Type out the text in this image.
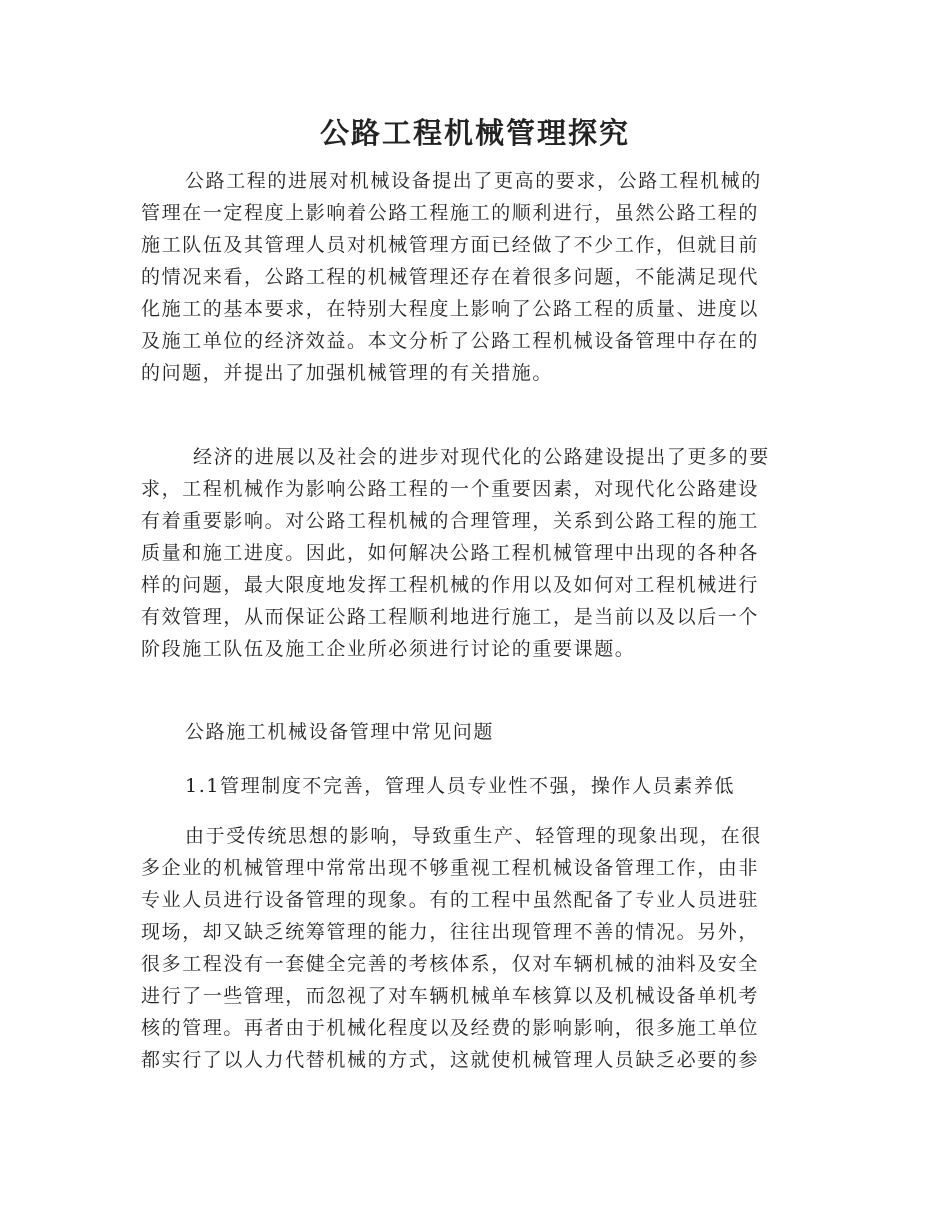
公路工程机械管理探究
公路工程的进展对机械设备提出了更高的要求，公路工程机械的
管理在一定程度上影响着公路工程施工的顺利进行，虽然公路工程的
施工队伍及其管理人员对机械管理方面已经做了不少工作，但就目前
的情况来看，公路工程的机械管理还存在着很多问题，不能满足现代
化施工的基本要求，在特别大程度上影响了公路工程的质量、进度以
及施工单位的经济效益。本文分析了公路工程机械设备管理中存在的
的问题，并提出了加强机械管理的有关措施。
经济的进展以及社会的进步对现代化的公路建设提出了更多的要
求，工程机械作为影响公路工程的一个重要因素，对现代化公路建设
有着重要影响。对公路工程机械的合理管理，关系到公路工程的施工
质量和施工进度。因此，如何解决公路工程机械管理中出现的各种各
样的问题，最大限度地发挥工程机械的作用以及如何对工程机械进行
有效管理，从而保证公路工程顺利地进行施工，是当前以及以后一个
阶段施工队伍及施工企业所必须进行讨论的重要课题。
公路施工机械设备管理中常见问题
1.1管理制度不完善，管理人员专业性不强，操作人员素养低
由于受传统思想的影响，导致重生产、轻管理的现象出现，在很
多企业的机械管理中常常出现不够重视工程机械设备管理工作，由非
专业人员进行设备管理的现象。有的工程中虽然配备了专业人员进驻
现场，却又缺乏统筹管理的能力，往往出现管理不善的情况。另外，
很多工程没有一套健全完善的考核体系，仅对车辆机械的油料及安全
进行了一些管理，而忽视了对车辆机械单车核算以及机械设备单机考
核的管理。再者由于机械化程度以及经费的影响影响，很多施工单位
都实行了以人力代替机械的方式，这就使机械管理人员缺乏必要的参
